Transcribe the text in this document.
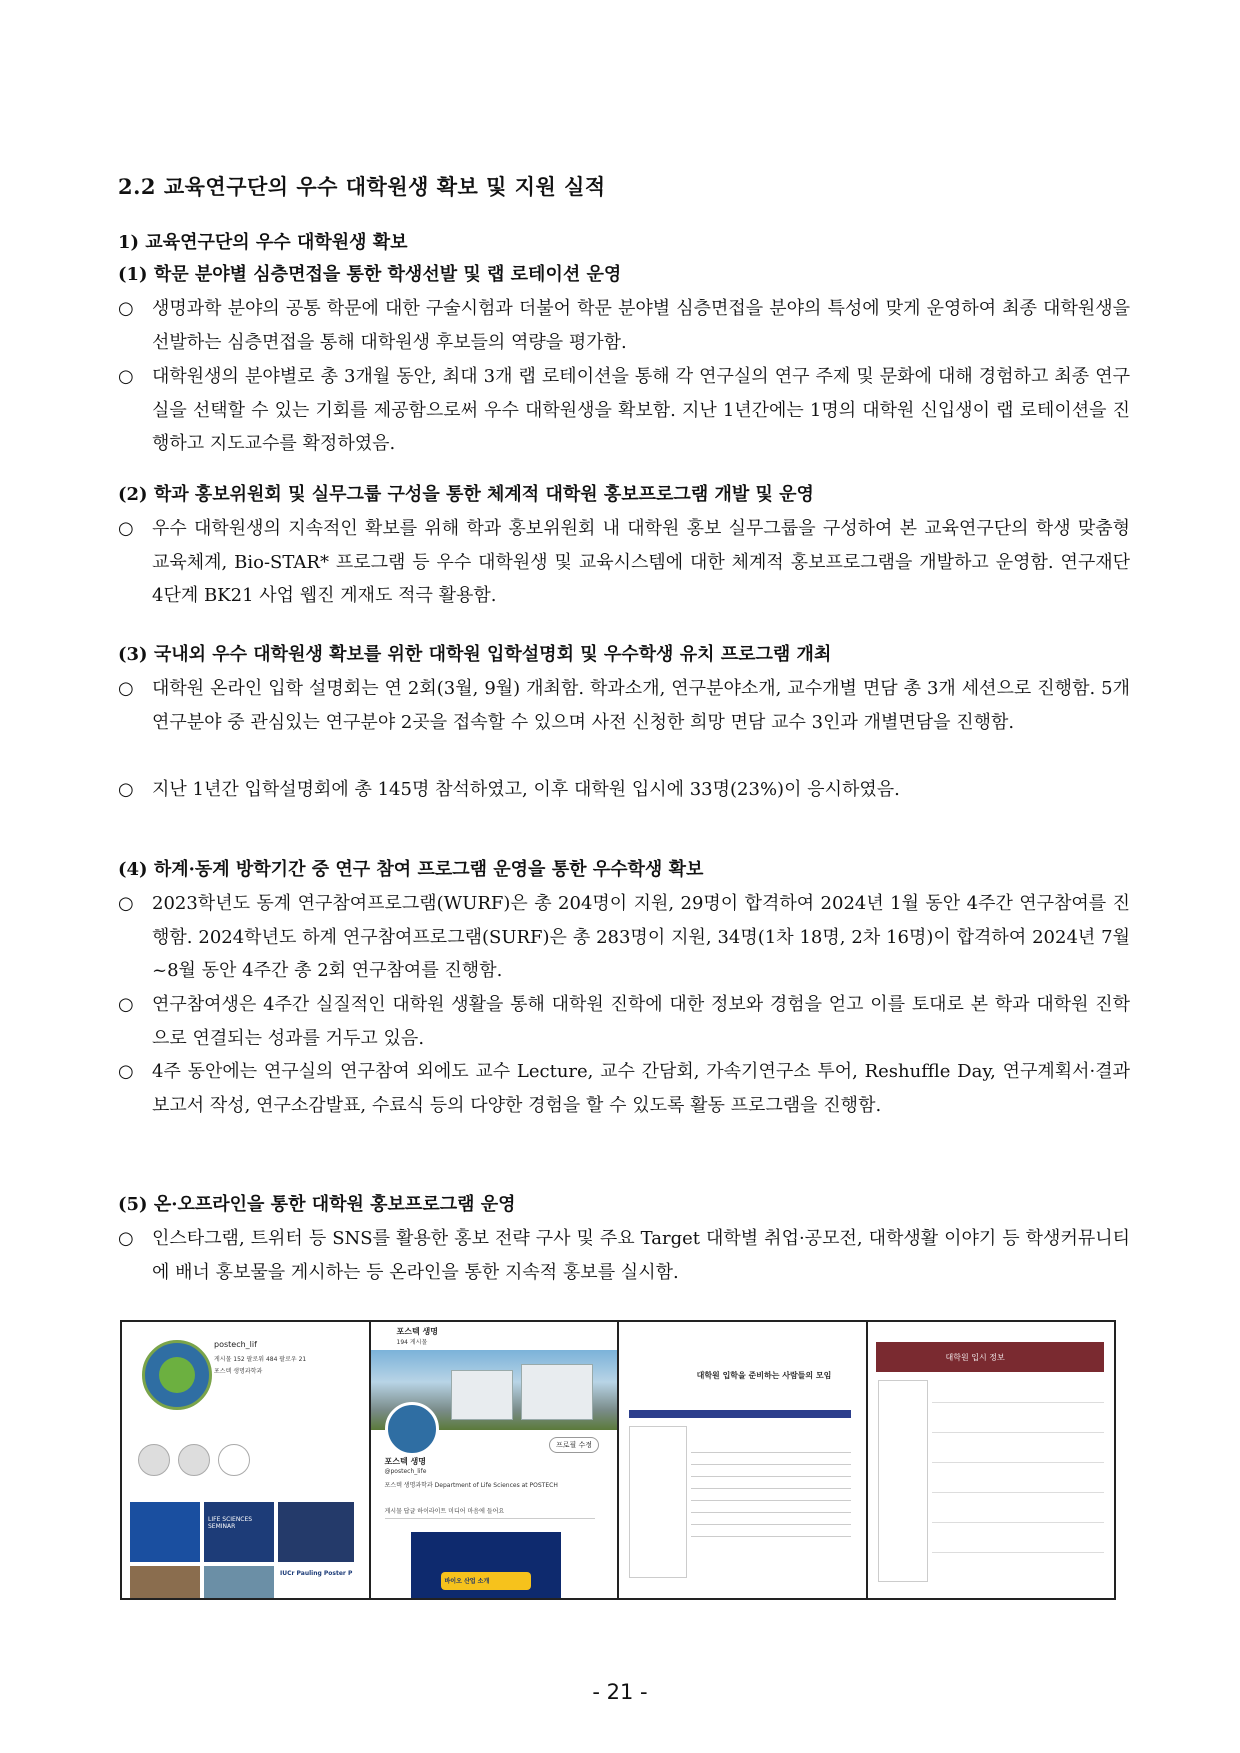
2.2 교육연구단의 우수 대학원생 확보 및 지원 실적
1) 교육연구단의 우수 대학원생 확보
(1) 학문 분야별 심층면접을 통한 학생선발 및 랩 로테이션 운영
○ 생명과학 분야의 공통 학문에 대한 구술시험과 더불어 학문 분야별 심층면접을 분야의 특성에 맞게 운영하여 최종 대학원생을 선발하는 심층면접을 통해 대학원생 후보들의 역량을 평가함.
○ 대학원생의 분야별로 총 3개월 동안, 최대 3개 랩 로테이션을 통해 각 연구실의 연구 주제 및 문화에 대해 경험하고 최종 연구실을 선택할 수 있는 기회를 제공함으로써 우수 대학원생을 확보함. 지난 1년간에는 1명의 대학원 신입생이 랩 로테이션을 진행하고 지도교수를 확정하였음.
(2) 학과 홍보위원회 및 실무그룹 구성을 통한 체계적 대학원 홍보프로그램 개발 및 운영
○ 우수 대학원생의 지속적인 확보를 위해 학과 홍보위원회 내 대학원 홍보 실무그룹을 구성하여 본 교육연구단의 학생 맞춤형 교육체계, Bio-STAR* 프로그램 등 우수 대학원생 및 교육시스템에 대한 체계적 홍보프로그램을 개발하고 운영함. 연구재단 4단계 BK21 사업 웹진 게재도 적극 활용함.
(3) 국내외 우수 대학원생 확보를 위한 대학원 입학설명회 및 우수학생 유치 프로그램 개최
○ 대학원 온라인 입학 설명회는 연 2회(3월, 9월) 개최함. 학과소개, 연구분야소개, 교수개별 면담 총 3개 세션으로 진행함. 5개 연구분야 중 관심있는 연구분야 2곳을 접속할 수 있으며 사전 신청한 희망 면담 교수 3인과 개별면담을 진행함.
○ 지난 1년간 입학설명회에 총 145명 참석하였고, 이후 대학원 입시에 33명(23%)이 응시하였음.
(4) 하계·동계 방학기간 중 연구 참여 프로그램 운영을 통한 우수학생 확보
○ 2023학년도 동계 연구참여프로그램(WURF)은 총 204명이 지원, 29명이 합격하여 2024년 1월 동안 4주간 연구참여를 진행함. 2024학년도 하계 연구참여프로그램(SURF)은 총 283명이 지원, 34명(1차 18명, 2차 16명)이 합격하여 2024년 7월~8월 동안 4주간 총 2회 연구참여를 진행함.
○ 연구참여생은 4주간 실질적인 대학원 생활을 통해 대학원 진학에 대한 정보와 경험을 얻고 이를 토대로 본 학과 대학원 진학으로 연결되는 성과를 거두고 있음.
○ 4주 동안에는 연구실의 연구참여 외에도 교수 Lecture, 교수 간담회, 가속기연구소 투어, Reshuffle Day, 연구계획서·결과보고서 작성, 연구소감발표, 수료식 등의 다양한 경험을 할 수 있도록 활동 프로그램을 진행함.
(5) 온·오프라인을 통한 대학원 홍보프로그램 운영
○ 인스타그램, 트위터 등 SNS를 활용한 홍보 전략 구사 및 주요 Target 대학별 취업·공모전, 대학생활 이야기 등 학생커뮤니티에 배너 홍보물을 게시하는 등 온라인을 통한 지속적 홍보를 실시함.
postech_lif
게시물 152 팔로워 484 팔로우 21
포스텍 생명과학과
LIFE SCIENCES SEMINAR
IUCr Pauling Poster P
포스텍 생명
194 게시물
프로필 수정
포스텍 생명
@postech_life
포스텍 생명과학과 Department of Life Sciences at POSTECH
게시물 답글 하이라이트 미디어 마음에 들어요
바이오 산업 소개
대학원 입학을 준비하는 사람들의 모임
대학원 입시 정보
- 21 -
